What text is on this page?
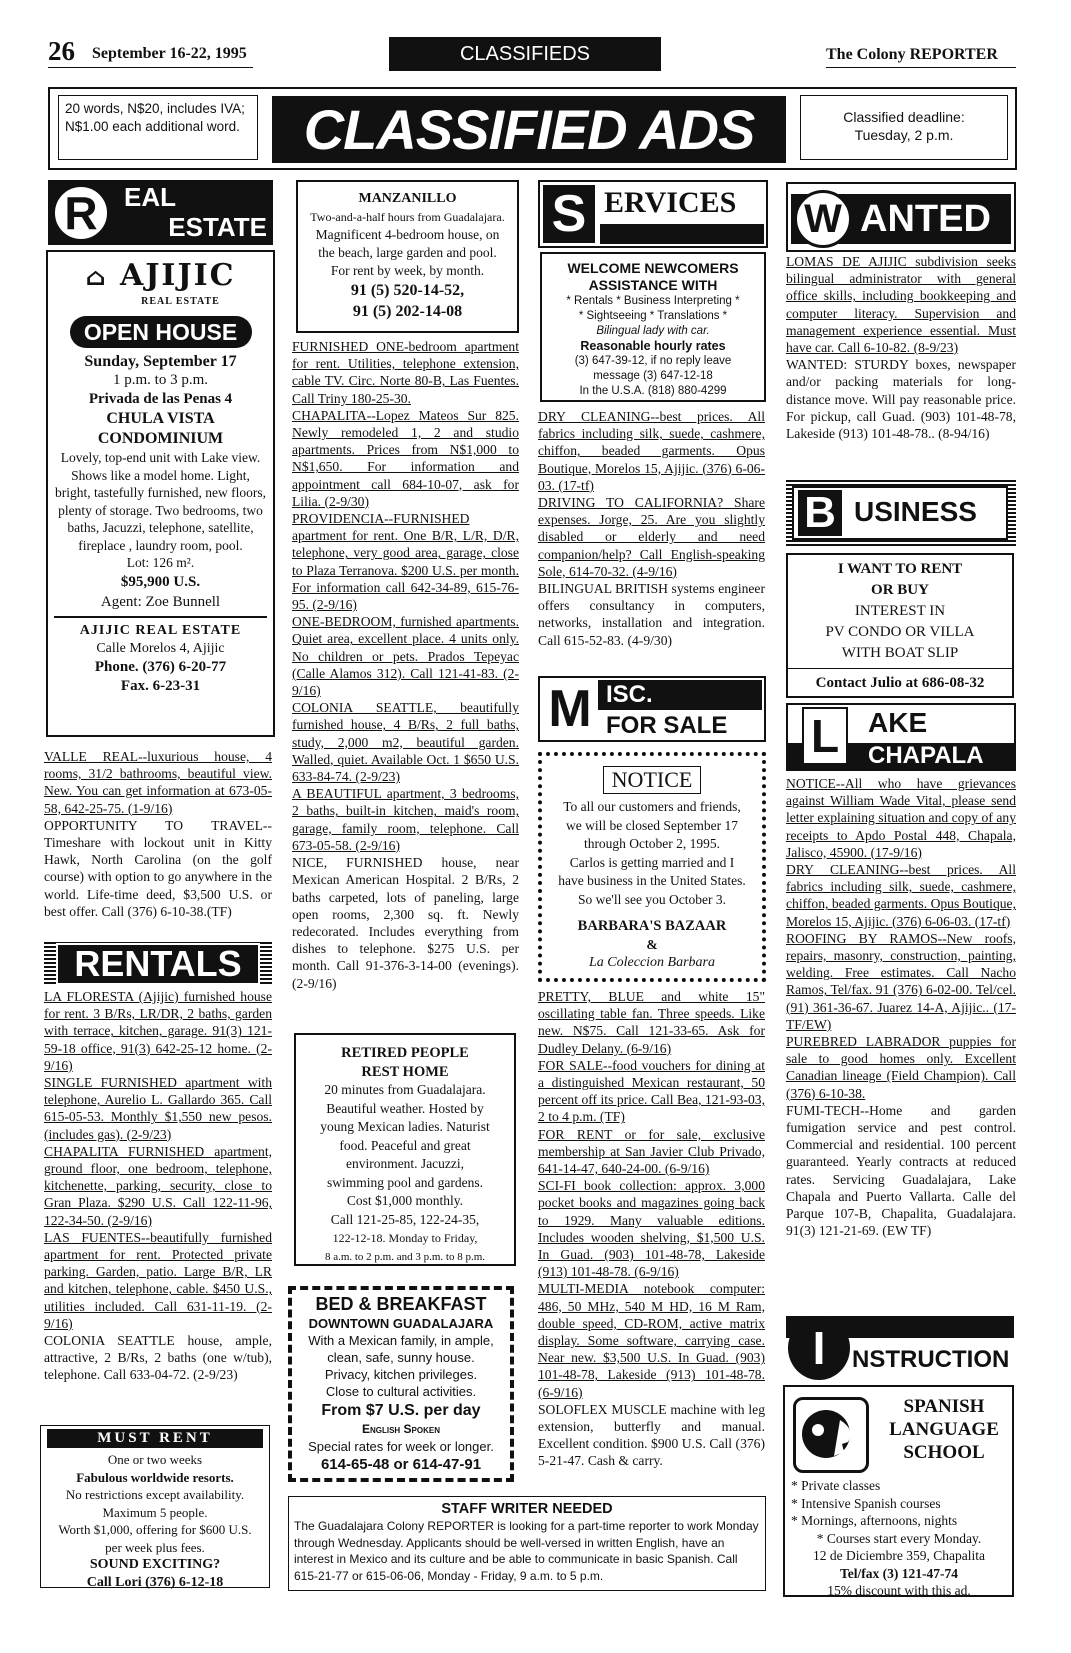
26 September 16-22, 1995	CLASSIFIEDS	The Colony REPORTER
20 words, N$20, includes IVA; N$1.00 each additional word.	CLASSIFIED ADS	Classified deadline:
Tuesday, 2 p.m.
R	EAL
ESTATE
⌂ AJIJIC
REAL ESTATE
OPEN HOUSE
Sunday, September 17
1 p.m. to 3 p.m.
Privada de las Penas 4
CHULA VISTA
CONDOMINIUM
Lovely, top-end unit with Lake view. Shows like a model home. Light, bright, tastefully furnished, new floors, plenty of storage. Two bedrooms, two baths, Jacuzzi, telephone, satellite, fireplace , laundry room, pool.
Lot: 126 m².
$95,900 U.S.
Agent: Zoe Bunnell
AJIJIC REAL ESTATE
Calle Morelos 4, Ajijic
Phone. (376) 6-20-77
Fax. 6-23-31

VALLE REAL--luxurious house, 4 rooms, 31/2 bathrooms, beautiful view. New. You can get information at 673-05-58, 642-25-75. (1-9/16)

OPPORTUNITY TO TRAVEL-- Timeshare with lockout unit in Kitty Hawk, North Carolina (on the golf course) with option to go anywhere in the world. Life-time deed, $3,500 U.S. or best offer. Call (376) 6-10-38.(TF)

RENTALS

LA FLORESTA (Ajijic) furnished house for rent. 3 B/Rs, LR/DR, 2 baths, garden with terrace, kitchen, garage. 91(3) 121-59-18 office, 91(3) 642-25-12 home. (2-9/16)

SINGLE FURNISHED apartment with telephone, Aurelio L. Gallardo 365. Call 615-05-53. Monthly $1,550 new pesos. (includes gas). (2-9/23)

CHAPALITA FURNISHED apartment, ground floor, one bedroom, telephone, kitchenette, parking, security, close to Gran Plaza. $290 U.S. Call 122-11-96, 122-34-50. (2-9/16)

LAS FUENTES--beautifully furnished apartment for rent. Protected private parking. Garden, patio. Large B/R, LR and kitchen, telephone, cable. $450 U.S., utilities included. Call 631-11-19. (2-9/16)

COLONIA SEATTLE house, ample, attractive, 2 B/Rs, 2 baths (one w/tub), telephone. Call 633-04-72. (2-9/23)

MUST RENT
One or two weeks
Fabulous worldwide resorts.
No restrictions except availability.
Maximum 5 people.
Worth $1,000, offering for $600 U.S.
per week plus fees.
SOUND EXCITING?
Call Lori (376) 6-12-18
MANZANILLO
Two-and-a-half hours from Guadalajara.
Magnificent 4-bedroom house, on
the beach, large garden and pool.
For rent by week, by month.
91 (5) 520-14-52,
91 (5) 202-14-08

FURNISHED ONE-bedroom apartment for rent. Utilities, telephone extension, cable TV. Circ. Norte 80-B, Las Fuentes. Call Triny 180-25-30.

CHAPALITA--Lopez Mateos Sur 825. Newly remodeled 1, 2 and studio apartments. Prices from N$1,000 to N$1,650. For information and appointment call 684-10-07, ask for Lilia. (2-9/30)

PROVIDENCIA--FURNISHED apartment for rent. One B/R, L/R, D/R, telephone, very good area, garage, close to Plaza Terranova. $200 U.S. per month. For information call 642-34-89, 615-76-95. (2-9/16)

ONE-BEDROOM, furnished apartments. Quiet area, excellent place. 4 units only. No children or pets. Prados Tepeyac (Calle Alamos 312). Call 121-41-83. (2-9/16)

COLONIA SEATTLE, beautifully furnished house, 4 B/Rs, 2 full baths, study, 2,000 m2, beautiful garden. Walled, quiet. Available Oct. 1 $650 U.S. 633-84-74. (2-9/23)

A BEAUTIFUL apartment, 3 bedrooms, 2 baths, built-in kitchen, maid's room, garage, family room, telephone. Call 673-05-58. (2-9/16)

NICE, FURNISHED house, near Mexican American Hospital. 2 B/Rs, 2 baths carpeted, lots of paneling, large open rooms, 2,300 sq. ft. Newly redecorated. Includes everything from dishes to telephone. $275 U.S. per month. Call 91-376-3-14-00 (evenings). (2-9/16)

RETIRED PEOPLE
REST HOME
20 minutes from Guadalajara.
Beautiful weather. Hosted by
young Mexican ladies. Naturist
food. Peaceful and great
environment. Jacuzzi,
swimming pool and gardens.
Cost $1,000 monthly.
Call 121-25-85, 122-24-35,
122-12-18. Monday to Friday,
8 a.m. to 2 p.m. and 3 p.m. to 8 p.m.
BED & BREAKFAST
DOWNTOWN GUADALAJARA
With a Mexican family, in ample,
clean, safe, sunny house.
Privacy, kitchen privileges.
Close to cultural activities.
From $7 U.S. per day
English Spoken
Special rates for week or longer.
614-65-48 or 614-47-91
S ERVICES
WELCOME NEWCOMERS
ASSISTANCE WITH
* Rentals * Business Interpreting *
* Sightseeing * Translations *
Bilingual lady with car.
Reasonable hourly rates
(3) 647-39-12, if no reply leave
message (3) 647-12-18
In the U.S.A. (818) 880-4299

DRY CLEANING--best prices. All fabrics including silk, suede, cashmere, chiffon, beaded garments. Opus Boutique, Morelos 15, Ajijic. (376) 6-06-03. (17-tf)

DRIVING TO CALIFORNIA? Share expenses. Jorge, 25. Are you slightly disabled or elderly and need companion/help? Call English-speaking Sole, 614-70-32. (4-9/16)

BILINGUAL BRITISH systems engineer offers consultancy in computers, networks, installation and integration. Call 615-52-83. (4-9/30)

M ISC.
FOR SALE
NOTICE
To all our customers and friends,
we will be closed September 17
through October 2, 1995.
Carlos is getting married and I
have business in the United States.
So we'll see you October 3.
BARBARA'S BAZAAR
&
La Coleccion Barbara

PRETTY, BLUE and white 15" oscillating table fan. Three speeds. Like new. N$75. Call 121-33-65. Ask for Dudley Delany. (6-9/16)

FOR SALE--food vouchers for dining at a distinguished Mexican restaurant, 50 percent off its price. Call Bea, 121-93-03, 2 to 4 p.m. (TF)

FOR RENT or for sale, exclusive membership at San Javier Club Privado, 641-14-47, 640-24-00. (6-9/16)

SCI-FI book collection: approx. 3,000 pocket books and magazines going back to 1929. Many valuable editions. Includes wooden shelving, $1,500 U.S. In Guad. (903) 101-48-78, Lakeside (913) 101-48-78. (6-9/16)

MULTI-MEDIA notebook computer: 486, 50 MHz, 540 M HD, 16 M Ram, double speed, CD-ROM, active matrix display. Some software, carrying case. Near new. $3,500 U.S. In Guad. (903) 101-48-78, Lakeside (913) 101-48-78. (6-9/16)

SOLOFLEX MUSCLE machine with leg extension, butterfly and manual. Excellent condition. $900 U.S. Call (376) 5-21-47. Cash & carry.

STAFF WRITER NEEDED
The Guadalajara Colony REPORTER is looking for a part-time reporter to work Monday through Wednesday. Applicants should be well-versed in written English, have an interest in Mexico and its culture and be able to communicate in basic Spanish. Call 615-21-77 or 615-06-06, Monday - Friday, 9 a.m. to 5 p.m.
W ANTED

LOMAS DE AJIJIC subdivision seeks bilingual administrator with general office skills, including bookkeeping and computer literacy. Supervision and management experience essential. Must have car. Call 6-10-82. (8-9/23)

WANTED: STURDY boxes, newspaper and/or packing materials for long-distance move. Will pay reasonable price. For pickup, call Guad. (903) 101-48-78, Lakeside (913) 101-48-78.. (8-94/16)

B USINESS
I WANT TO RENT
OR BUY
INTEREST IN
PV CONDO OR VILLA
WITH BOAT SLIP
Contact Julio at 686-08-32
L	AKE
CHAPALA

NOTICE--All who have grievances against William Wade Vital, please send letter explaining situation and copy of any receipts to Apdo Postal 448, Chapala, Jalisco, 45900. (17-9/16)

DRY CLEANING--best prices. All fabrics including silk, suede, cashmere, chiffon, beaded garments. Opus Boutique, Morelos 15, Ajijic. (376) 6-06-03. (17-tf)

ROOFING BY RAMOS--New roofs, repairs, masonry, construction, painting, welding. Free estimates. Call Nacho Ramos, Tel/fax. 91 (376) 6-02-00. Tel/cel. (91) 361-36-67. Juarez 14-A, Ajijic.. (17-TF/EW)

PUREBRED LABRADOR puppies for sale to good homes only. Excellent Canadian lineage (Field Champion). Call (376) 6-10-38.

FUMI-TECH--Home and garden fumigation service and pest control. Commercial and residential. 100 percent guaranteed. Yearly contracts at reduced rates. Servicing Guadalajara, Lake Chapala and Puerto Vallarta. Calle del Parque 107-B, Chapalita, Guadalajara. 91(3) 121-21-69. (EW TF)

I	NSTRUCTION
SPANISH
LANGUAGE
SCHOOL
* Private classes
* Intensive Spanish courses
* Mornings, afternoons, nights
* Courses start every Monday.
12 de Diciembre 359, Chapalita
Tel/fax (3) 121-47-74
15% discount with this ad.
